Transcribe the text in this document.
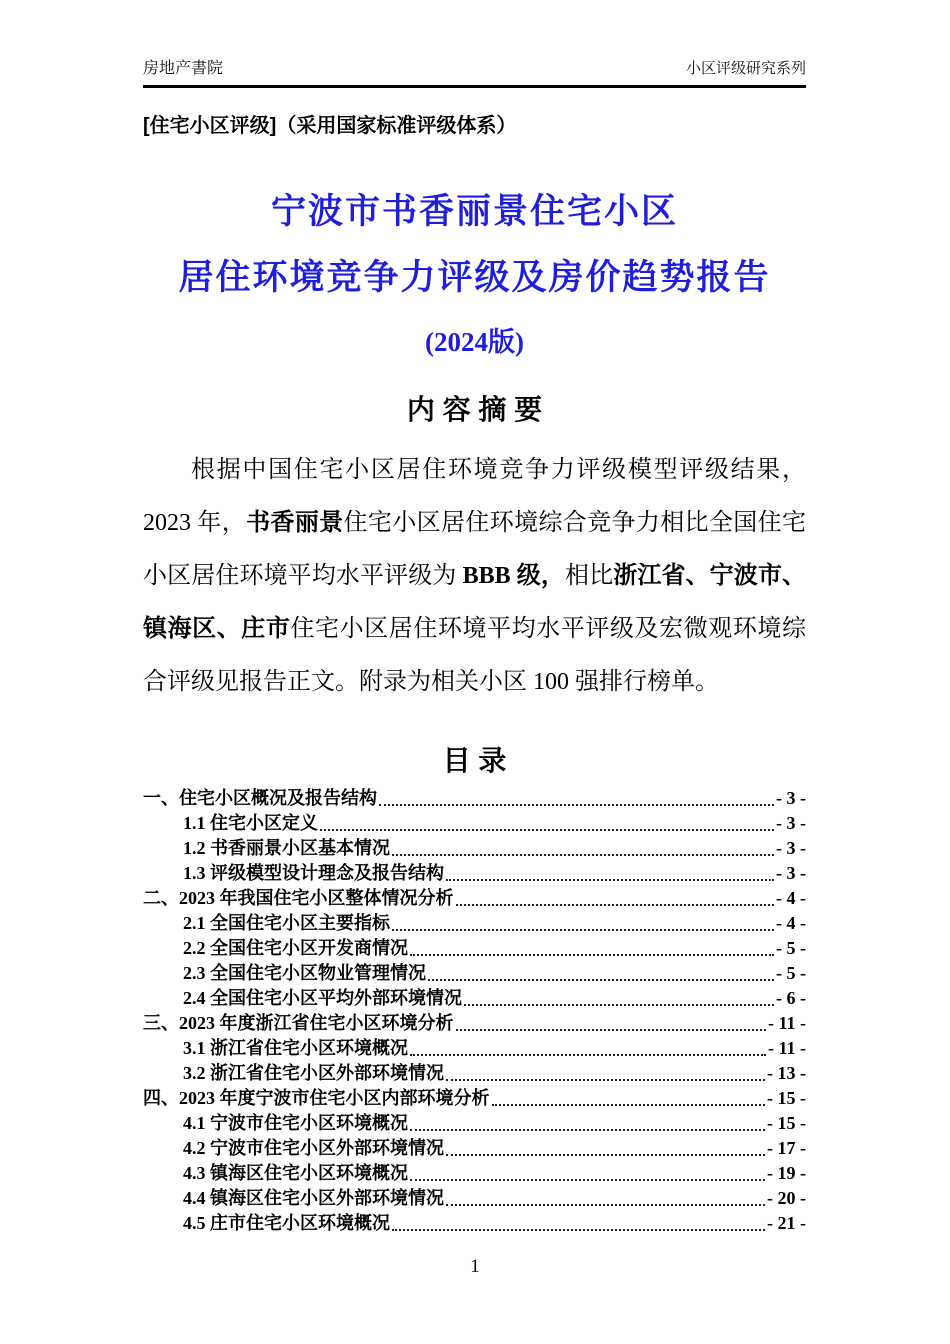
房地产書院	小区评级研究系列
[住宅小区评级]（采用国家标准评级体系）
宁波市书香丽景住宅小区
居住环境竞争力评级及房价趋势报告
(2024版)
内 容 摘 要

根据中国住宅小区居住环境竞争力评级模型评级结果，2023 年，书香丽景住宅小区居住环境综合竞争力相比全国住宅小区居住环境平均水平评级为 BBB 级，相比浙江省、宁波市、镇海区、庄市住宅小区居住环境平均水平评级及宏微观环境综合评级见报告正文。附录为相关小区 100 强排行榜单。

目 录
一、住宅小区概况及报告结构	- 3 -
1.1 住宅小区定义	- 3 -
1.2 书香丽景小区基本情况	- 3 -
1.3 评级模型设计理念及报告结构	- 3 -
二、2023 年我国住宅小区整体情况分析	- 4 -
2.1 全国住宅小区主要指标	- 4 -
2.2 全国住宅小区开发商情况	- 5 -
2.3 全国住宅小区物业管理情况	- 5 -
2.4 全国住宅小区平均外部环境情况	- 6 -
三、2023 年度浙江省住宅小区环境分析	- 11 -
3.1 浙江省住宅小区环境概况	- 11 -
3.2 浙江省住宅小区外部环境情况	- 13 -
四、2023 年度宁波市住宅小区内部环境分析	- 15 -
4.1 宁波市住宅小区环境概况	- 15 -
4.2 宁波市住宅小区外部环境情况	- 17 -
4.3 镇海区住宅小区环境概况	- 19 -
4.4 镇海区住宅小区外部环境情况	- 20 -
4.5 庄市住宅小区环境概况	- 21 -
1
